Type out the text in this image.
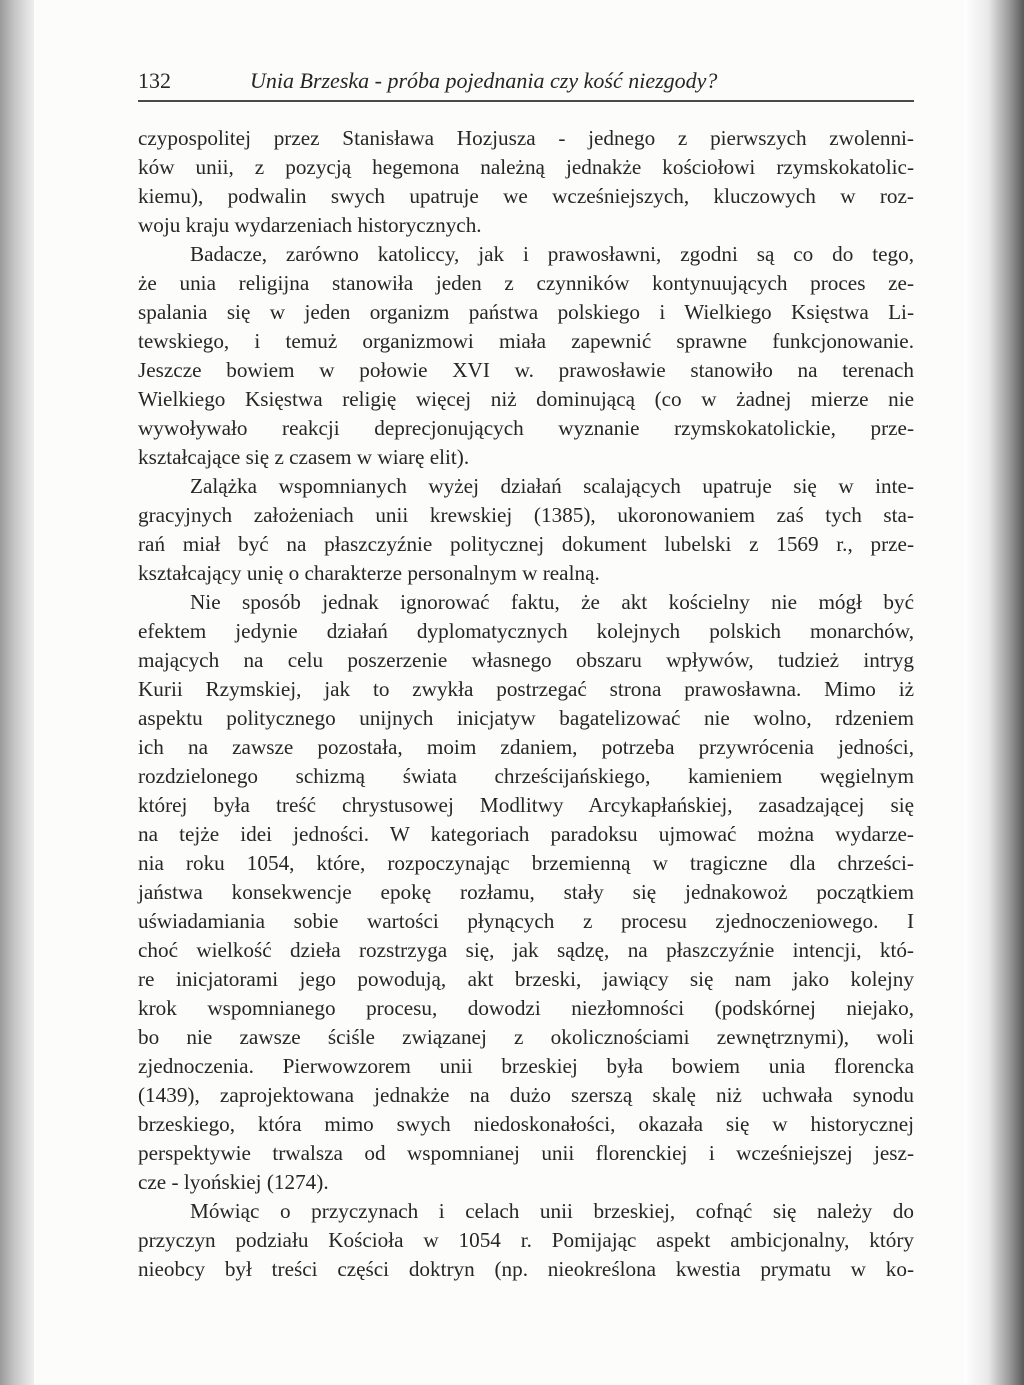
132	Unia Brzeska - próba pojednania czy kość niezgody?
czypospolitej przez Stanisława Hozjusza - jednego z pierwszych zwolenni-
ków unii, z pozycją hegemona należną jednakże kościołowi rzymskokatolic-
kiemu), podwalin swych upatruje we wcześniejszych, kluczowych w roz-
woju kraju wydarzeniach historycznych.
Badacze, zarówno katoliccy, jak i prawosławni, zgodni są co do tego,
że unia religijna stanowiła jeden z czynników kontynuujących proces ze-
spalania się w jeden organizm państwa polskiego i Wielkiego Księstwa Li-
tewskiego, i temuż organizmowi miała zapewnić sprawne funkcjonowanie.
Jeszcze bowiem w połowie XVI w. prawosławie stanowiło na terenach
Wielkiego Księstwa religię więcej niż dominującą (co w żadnej mierze nie
wywoływało reakcji deprecjonujących wyznanie rzymskokatolickie, prze-
kształcające się z czasem w wiarę elit).
Zalążka wspomnianych wyżej działań scalających upatruje się w inte-
gracyjnych założeniach unii krewskiej (1385), ukoronowaniem zaś tych sta-
rań miał być na płaszczyźnie politycznej dokument lubelski z 1569 r., prze-
kształcający unię o charakterze personalnym w realną.
Nie sposób jednak ignorować faktu, że akt kościelny nie mógł być
efektem jedynie działań dyplomatycznych kolejnych polskich monarchów,
mających na celu poszerzenie własnego obszaru wpływów, tudzież intryg
Kurii Rzymskiej, jak to zwykła postrzegać strona prawosławna. Mimo iż
aspektu politycznego unijnych inicjatyw bagatelizować nie wolno, rdzeniem
ich na zawsze pozostała, moim zdaniem, potrzeba przywrócenia jedności,
rozdzielonego schizmą świata chrześcijańskiego, kamieniem węgielnym
której była treść chrystusowej Modlitwy Arcykapłańskiej, zasadzającej się
na tejże idei jedności. W kategoriach paradoksu ujmować można wydarze-
nia roku 1054, które, rozpoczynając brzemienną w tragiczne dla chrześci-
jaństwa konsekwencje epokę rozłamu, stały się jednakowoż początkiem
uświadamiania sobie wartości płynących z procesu zjednoczeniowego. I
choć wielkość dzieła rozstrzyga się, jak sądzę, na płaszczyźnie intencji, któ-
re inicjatorami jego powodują, akt brzeski, jawiący się nam jako kolejny
krok wspomnianego procesu, dowodzi niezłomności (podskórnej niejako,
bo nie zawsze ściśle związanej z okolicznościami zewnętrznymi), woli
zjednoczenia. Pierwowzorem unii brzeskiej była bowiem unia florencka
(1439), zaprojektowana jednakże na dużo szerszą skalę niż uchwała synodu
brzeskiego, która mimo swych niedoskonałości, okazała się w historycznej
perspektywie trwalsza od wspomnianej unii florenckiej i wcześniejszej jesz-
cze - lyońskiej (1274).
Mówiąc o przyczynach i celach unii brzeskiej, cofnąć się należy do
przyczyn podziału Kościoła w 1054 r. Pomijając aspekt ambicjonalny, który
nieobcy był treści części doktryn (np. nieokreślona kwestia prymatu w ko-
